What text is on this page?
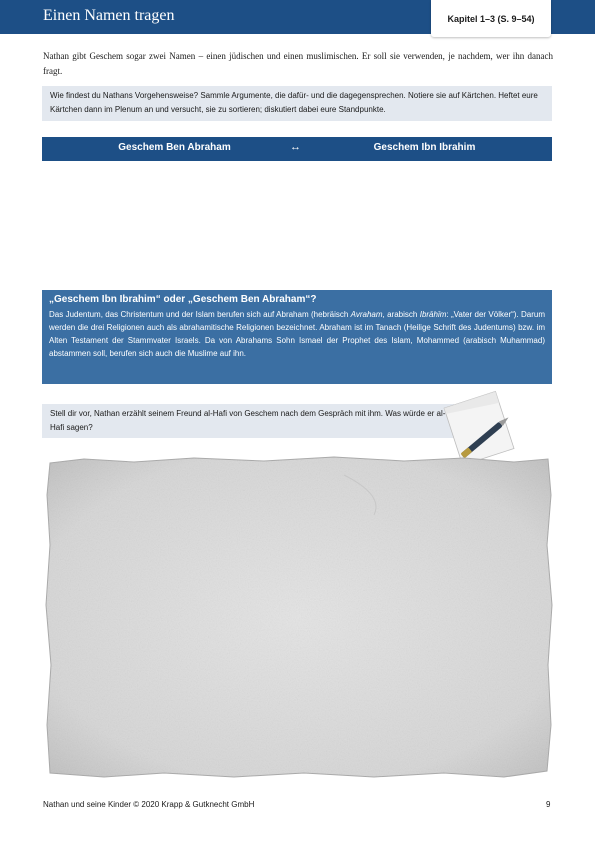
Einen Namen tragen	Kapitel 1–3 (S. 9–54)
Nathan gibt Geschem sogar zwei Namen – einen jüdischen und einen muslimischen. Er soll sie verwenden, je nachdem, wer ihn danach fragt.
Wie findest du Nathans Vorgehensweise? Sammle Argumente, die dafür- und die dagegensprechen. Notiere sie auf Kärtchen. Heftet eure Kärtchen dann im Plenum an und versucht, sie zu sortieren; diskutiert dabei eure Standpunkte.
Geschem Ben Abraham	↔	Geschem Ibn Ibrahim

„Geschem Ibn Ibrahim“ oder „Geschem Ben Abraham“?

Das Judentum, das Christentum und der Islam berufen sich auf Abraham (hebräisch Avraham, arabisch Ibrāhīm: „Vater der Völker“). Darum werden die drei Religionen auch als abrahamitische Religionen bezeichnet. Abraham ist im Tanach (Heilige Schrift des Judentums) bzw. im Alten Testament der Stammvater Israels. Da von Abrahams Sohn Ismael der Prophet des Islam, Mohammed (arabisch Muhammad) abstammen soll, berufen sich auch die Muslime auf ihn.

Stell dir vor, Nathan erzählt seinem Freund al-Hafi von Geschem nach dem Gespräch mit ihm. Was würde er al-Hafi sagen?
Nathan und seine Kinder © 2020 Krapp & Gutknecht GmbH	9
